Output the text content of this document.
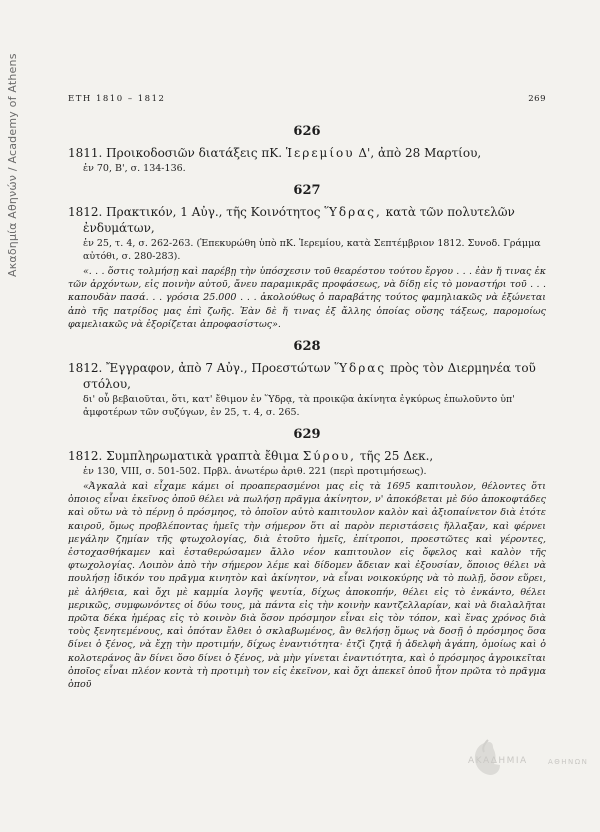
Ακαδημία Αθηνών / Academy of Athens	ΕΤΗ 1810 – 1812	269
626

1811. Προικοδοσιῶν διατάξεις πΚ. Ἱερεμίου Δ', ἀπὸ 28 Μαρτίου,

ἐν 70, Β', σ. 134-136.

627

1812. Πρακτικόν, 1 Αὐγ., τῆς Κοινότητος Ὕδρας, κατὰ τῶν πολυτελῶν ἐνδυμάτων,

ἐν 25, τ. 4, σ. 262-263. (Ἐπεκυρώθη ὑπὸ πΚ. Ἱερεμίου, κατὰ Σεπτέμβριον 1812. Συνοδ. Γράμμα αὐτόθι, σ. 280-283).

«. . . ὅστις τολμήσῃ καὶ παρέβῃ τὴν ὑπόσχεσιν τοῦ θεαρέστου τούτου ἔργου . . . ἐὰν ἤ τινας ἐκ τῶν ἀρχόντων, εἰς ποινὴν αὐτοῦ, ἄνευ παραμικρᾶς προφάσεως, νὰ δίδῃ εἰς τὸ μοναστήρι τοῦ . . . καπουδὰν πασά. . . γρόσια 25.000 . . . ἀκολούθως ὁ παραβάτης τούτος φαμηλιακῶς νὰ ἐξώνεται ἀπὸ τῆς πατρίδος μας ἐπὶ ζωῆς. Ἐὰν δὲ ἤ τινας ἐξ ἄλλης ὁποίας οὔσης τάξεως, παρομοίως φαμελιακῶς νὰ ἐξορίζεται ἀπροφασίστως».

628

1812. Ἔγγραφον, ἀπὸ 7 Αὐγ., Προεστώτων Ὕδρας πρὸς τὸν Διερμηνέα τοῦ στόλου,

δι' οὗ βεβαιοῦται, ὅτι, κατ' ἔθιμον ἐν Ὕδρᾳ, τὰ προικῷα ἀκίνητα ἐγκύρως ἐπωλοῦντο ὑπ' ἀμφοτέρων τῶν συζύγων, ἐν 25, τ. 4, σ. 265.

629

1812. Συμπληρωματικὰ γραπτὰ ἔθιμα Σύρου, τῆς 25 Δεκ.,

ἐν 130, VIII, σ. 501-502. Πρβλ. ἀνωτέρω ἀριθ. 221 (περὶ προτιμήσεως).

«Ἀγκαλὰ καὶ εἶχαμε κάμει οἱ προαπερασμένοι μας εἰς τὰ 1695 καπιτουλον, θέλοντες ὅτι ὁποιος εἶναι ἐκεῖνος ὁποῦ θέλει νὰ πωλήσῃ πρᾶγμα ἀκίνητον, ν' ἀποκόβεται μὲ δύο ἀποκοφτάδες καὶ οὕτω νὰ τὸ πέρνῃ ὁ πρόσμηος, τὸ ὁποῖον αὐτὸ καπιτουλον καλὸν καὶ ἀξιοπαίνετον διὰ ἐτότε καιροῦ, ὅμως προβλέποντας ἡμεῖς τὴν σήμερον ὅτι αἱ παρὸν περιστάσεις ἤλλαξαν, καὶ φέρνει μεγάλην ζημίαν τῆς φτωχολογίας, διὰ ἐτοῦτο ἡμεῖς, ἐπίτροποι, προεστῶτες καὶ γέροντες, ἐστοχασθήκαμεν καὶ ἐσταθερώσαμεν ἄλλο νέον καπιτουλον εἰς ὄφελος καὶ καλὸν τῆς φτωχολογίας. Λοιπὸν ἀπὸ τὴν σήμερον λέμε καὶ δίδομεν ἄδειαν καὶ ἐξουσίαν, ὅποιος θέλει νὰ πουλήσῃ ἰδικόν του πρᾶγμα κινητὸν καὶ ἀκίνητον, νὰ εἶναι νοικοκύρης νὰ τὸ πωλῇ, ὅσον εὕρει, μὲ ἀλήθεια, καὶ ὄχι μὲ καμμία λογῆς ψευτία, δίχως ἀποκοπήν, θέλει εἰς τὸ ἐνκάντο, θέλει μερικῶς, συμφωνόντες οἱ δύω τους, μὰ πάντα εἰς τὴν κοινὴν καντζελλαρίαν, καὶ νὰ διαλαλῆται πρῶτα δέκα ἡμέρας εἰς τὸ κοινὸν διὰ ὅσον πρόσμηον εἶναι εἰς τὸν τόπον, καὶ ἕνας χρόνος διὰ τοὺς ξενητεμένους, καὶ ὁπόταν ἔλθει ὁ σκλαβωμένος, ἂν θελήσῃ ὅμως νὰ δοσῇ ὁ πρόσμηος ὅσα δίνει ὁ ξένος, νὰ ἔχῃ τὴν προτιμήν, δίχως ἐναντιότητα· ἐτζὶ ζητᾷ ἡ ἀδελφὴ ἀγάπη, ὁμοίως καὶ ὁ κολοτεράνος ἂν δίνει ὅσο δίνει ὁ ξένος, νὰ μὴν γίνεται ἐναντιότητα, καὶ ὁ πρόσμηος ἀγροικεῖται ὁποῖος εἶναι πλέον κοντὰ τὴ προτιμὴ τον εἰς ἐκεῖνον, καὶ ὄχι ἀπεκεῖ ὁποῦ ἦτον πρῶτα τὸ πρᾶγμα ὁποῦ

ΑΚΑΔΗΜΙΑ	ΑΘΗΝΩΝ
